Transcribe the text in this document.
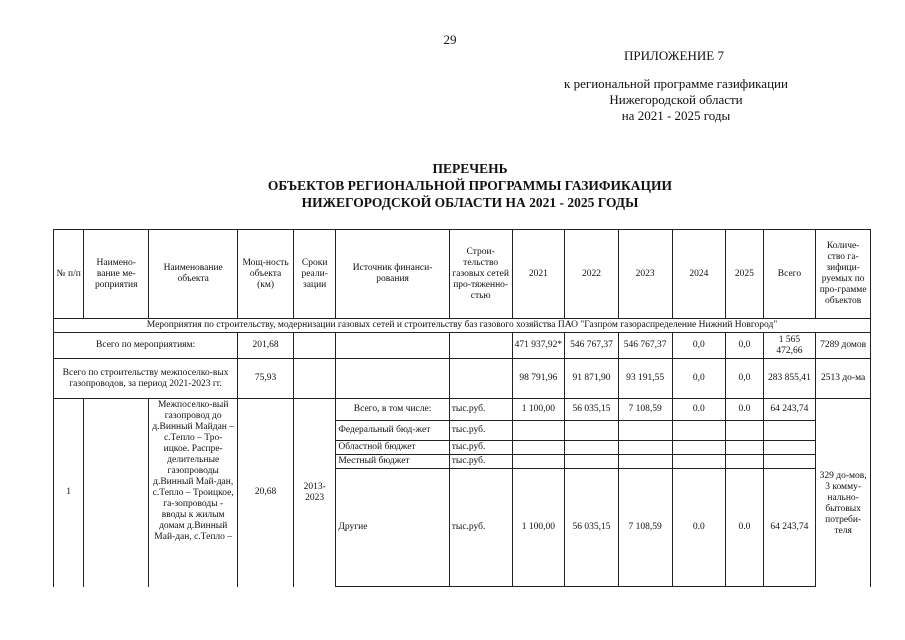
29
ПРИЛОЖЕНИЕ 7
к региональной программе газификации
Нижегородской области
на 2021 - 2025 годы
ПЕРЕЧЕНЬ
ОБЪЕКТОВ РЕГИОНАЛЬНОЙ ПРОГРАММЫ ГАЗИФИКАЦИИ
НИЖЕГОРОДСКОЙ ОБЛАСТИ НА 2021 - 2025 ГОДЫ
№ п/п	Наимено-вание ме-роприятия	Наименование объекта	Мощ-ность объекта (км)	Сроки реали-зации	Источник финанси-рования	Строи-тельство газовых сетей про-тяженно-стью	2021	2022	2023	2024	2025	Всего	Количе-ство га-зифици-руемых по про-грамме объектов
Мероприятия по строительству, модернизации газовых сетей и строительству баз газового хозяйства ПАО "Газпром газораспределение Нижний Новгород"													
Всего по мероприятиям:			201,68				471 937,92*	546 767,37	546 767,37	0,0	0,0	1 565 472,66	7289 домов
Всего по строительству межпоселко-вых газопроводов, за период 2021-2023 гг.			75,93				98 791,96	91 871,90	93 191,55	0,0	0,0	283 855,41	2513 до-ма
1		Межпоселко-вый газопровод до д.Винный Майдан – с.Тепло – Тро-ицкое. Распре-делительные газопроводы д.Винный Май-дан, с.Тепло – Троицкое, га-зопроводы - вводы к жилым домам д.Винный Май-дан, с.Тепло –	20,68	2013-2023	Всего, в том числе:	тыс.руб.	1 100,00	56 035,15	7 108,59	0.0	0.0	64 243,74	
					Федеральный бюд-жет	тыс.руб.							329 до-мов, 3 комму-нально-бытовых потреби-теля
					Областной бюджет	тыс.руб.							
					Местный бюджет	тыс.руб.							
					Другие	тыс.руб.	1 100,00	56 035,15	7 108,59	0.0	0.0	64 243,74	
